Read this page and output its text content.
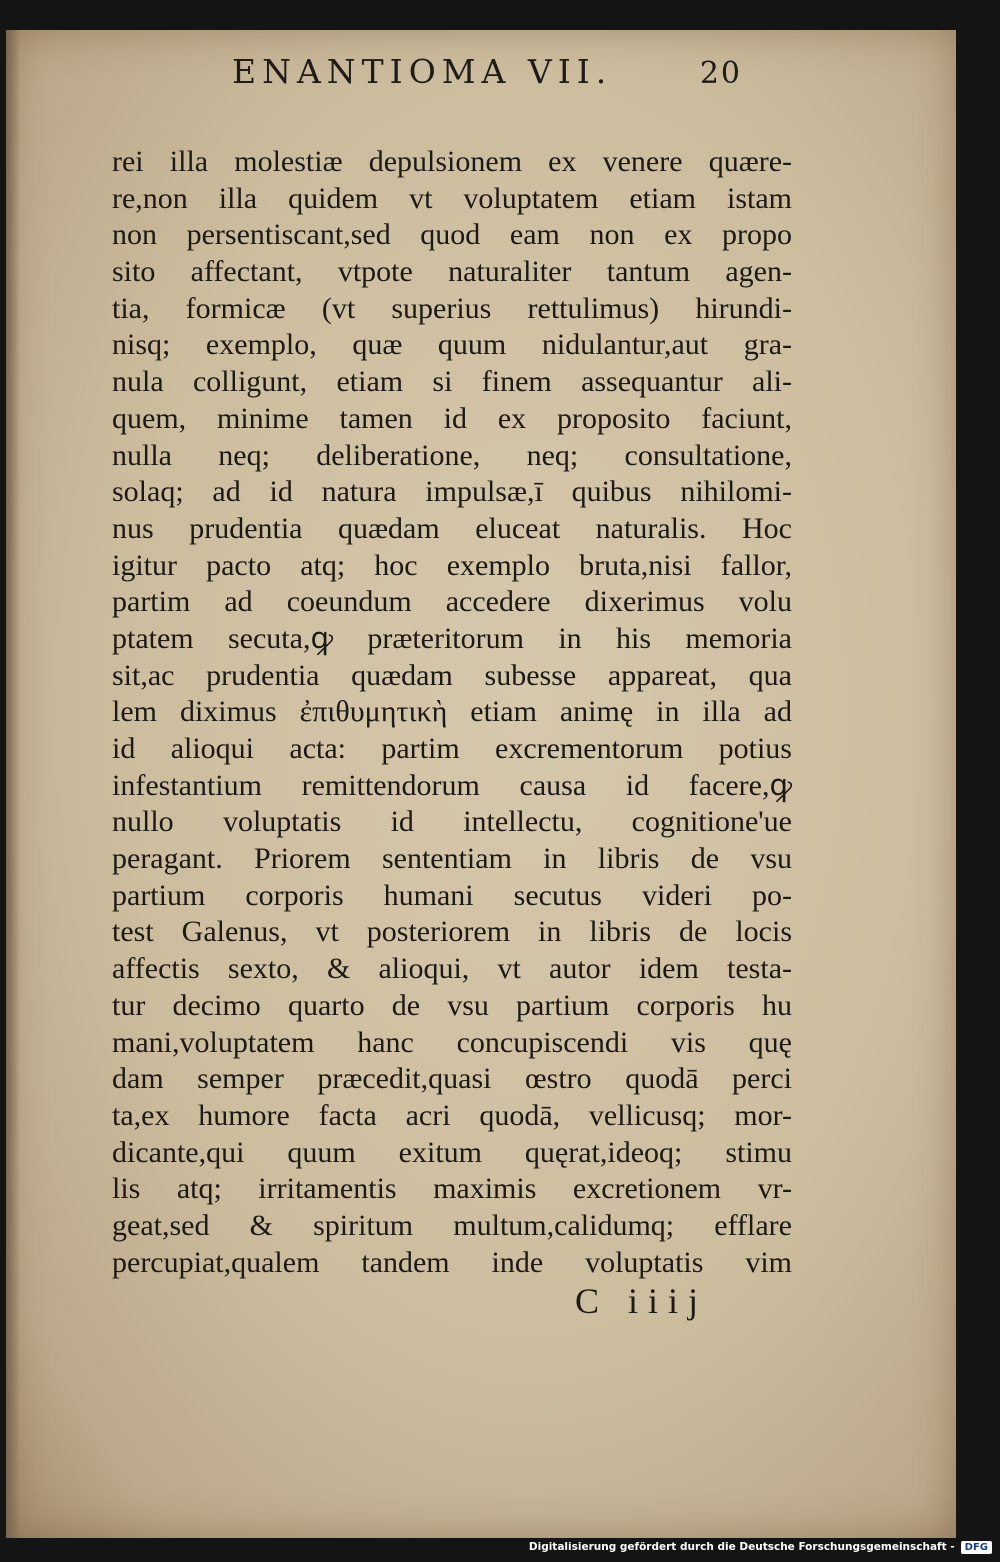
ENANTIOMA VII.	20
rei illa molestiæ depulsionem ex venere quære-
re,non illa quidem vt voluptatem etiam istam
non persentiscant,sed quod eam non ex propo
sito affectant, vtpote naturaliter tantum agen-
tia, formicæ (vt superius rettulimus) hirundi-
nisq; exemplo, quæ quum nidulantur,aut gra-
nula colligunt, etiam si finem assequantur ali-
quem, minime tamen id ex proposito faciunt,
nulla neq; deliberatione, neq; consultatione,
solaq; ad id natura impulsæ,ī quibus nihilomi-
nus prudentia quædam eluceat naturalis. Hoc
igitur pacto atq; hoc exemplo bruta,nisi fallor,
partim ad coeundum accedere dixerimus volu
ptatem secuta,ꝙ præteritorum in his memoria
sit,ac prudentia quædam subesse appareat, qua
lem diximus ἐπιθυμητικὴ etiam animę in illa ad
id alioqui acta: partim excrementorum potius
infestantium remittendorum causa id facere,ꝙ
nullo voluptatis id intellectu, cognitione'ue
peragant. Priorem sententiam in libris de vsu
partium corporis humani secutus videri po-
test Galenus, vt posteriorem in libris de locis
affectis sexto, & alioqui, vt autor idem testa-
tur decimo quarto de vsu partium corporis hu
mani,voluptatem hanc concupiscendi vis quę
dam semper præcedit,quasi œstro quodā perci
ta,ex humore facta acri quodā, vellicusq; mor-
dicante,qui quum exitum quęrat,ideoq; stimu
lis atq; irritamentis maximis excretionem vr-
geat,sed & spiritum multum,calidumq; efflare
percupiat,qualem tandem inde voluptatis vim
C iiij
Digitalisierung gefördert durch die Deutsche Forschungsgemeinschaft -	DFG
